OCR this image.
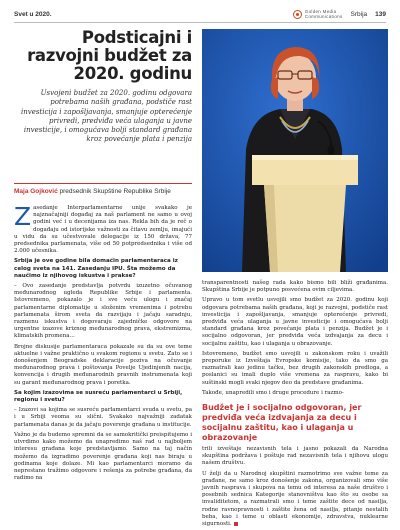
Svet u 2020.	Golden Media
Communications Srbija 139
Podsticajni i razvojni budžet za 2020. godinu

Usvojeni budžet za 2020. godinu odgovara potrebama naših građana, podstiče rast investicija i zapošljavanja, smanjuje opterećenje privredi, predviđa veća ulaganja u javne investicije, i omogućava bolji standard građana kroz povećanje plata i penzija

Maja Gojković predsednik Skupštine Republike Srbije

Zasedanje Interparlamentarne unije svakako je najznačajniji događaj za naš parlament ne samo u ovoj godini već i u decenijama iza nas. Reklа bih da je reč o događaju od istorijske važnosti za čitavu zemlju, imajući u vidu da su učestvovale delegacije iz 150 država, 77 predsednika parlamenata, više od 50 potpredsednika i više od 2.000 učesnika.

Srbija je ove godine bila domaćin parlamentaraca iz celog sveta na 141. Zasedanju IPU. Šta možemo da naučimo iz njihovog iskustva i prakse?

– Ovo zasedanje predstavlja potvrdu izuzetno očuvanog međunarodnog ugleda Republike Srbije i parlamenta. Istovremeno, pokazalo je i sve veću ulogu i značaj parlamentarne diplomatije u složenim vremenima i potrebu parlamenata širom sveta da razvijaju i jačaju saradnju, razmenu iskustva i dogovaraju zajedničke odgovore na urgentne izazove kriznog međunarodnog prava, ekstremizma, klimatskih promena...

Brojne diskusije parlamentaraca pokazale su da su ove teme aktuelne i važne praktično u svakom regionu u svetu. Zato se i donošenjem Beogradske deklaracije poziva na očuvanje međunarodnog prava i poštovanja Povelje Ujedinjenih nacija, konvencija i drugih međunarodnih pravnih instrumenata koji su garant međunarodnog prava i poretka.

Sa kojim izazovima se susreću parlamentarci u Srbiji, regionu i svetu?

– Izazovi sa kojima se susreću parlamentarci svuda u svetu, pa i u Srbiji veoma su slični. Svakako najvažniji zadatak parlamenata danas je da jačaju poverenje građana u institucije.

Važno je da budemo spremni da se samokritički preispitujemo i utvrdimo kako možemo da unapredimo naš rad u najboljem interesu građana koje predstavljamo. Samo na taj način možemo da izgradimo poverenje građana koji nas biraju u godinama koje dolaze. Mi kao parlamentarci moramo da neprestano tražimo odgovore i rešenja za potrebe građana, da radimo na

transparentnosti našeg rada kako bismo bili bliži građanima. Skupština Srbije je potpuno posvećena ovim ciljevima.

Upravo u tom svetlu usvojili smo budžet za 2020. godinu koji odgovara potrebama naših građana, koji je razvojni, podstiče rast investicija i zapošljavanja, smanjuje opterećenje privredi, predviđa veća ulaganja u javne investicije i omogućava bolji standard građana kroz povećanje plata i penzija. Budžet je i socijalno odgovoran, jer predviđa veća izdvajanja za decu i socijalnu zaštitu, kao i ulaganja u obrazovanje.

Istovremeno, budžet smo usvojili u zakonskom roku i uvažili preporuke iz Izveštaja Evropske komisije, tako da smo ga razmatrali kao jedinu tačku, bez drugih zakonskih predloga, a poslanici su imali duplo više vremena za raspravu, kako bi suštinski mogli svaki njegov deo da predstave građanima.

Takođe, unapredili smo i druge procedure i razmo-

Budžet je i socijalno odgovoran, jer predviđa veća izdvajanja za decu i socijalnu zaštitu, kao i ulaganja u obrazovanje

trili izveštaje nezavisnih tela i jasno pokazali da Narodna skupština podržava i poštuje rad nezavisnih tela i njihovu ulogu našem društvu.

U želji da u Narodnoj skupštini razmotrimo sve važne teme za građane, ne samo kroz donošenje zakona, organizovali smo više javnih rasprava i skupova na temu od interesa za naše društvo i posebnih sednica Kategorije stanovništva kao što su osobe sa invaliditetom, a razmatrali smo i teme zaštite dece od nasilja, rodne ravnopravnosti i zaštite žena od nasilja, pitanje nestalih beba, kao i teme u oblasti ekonomije, zdravstva, nuklearne sigurnosti.
